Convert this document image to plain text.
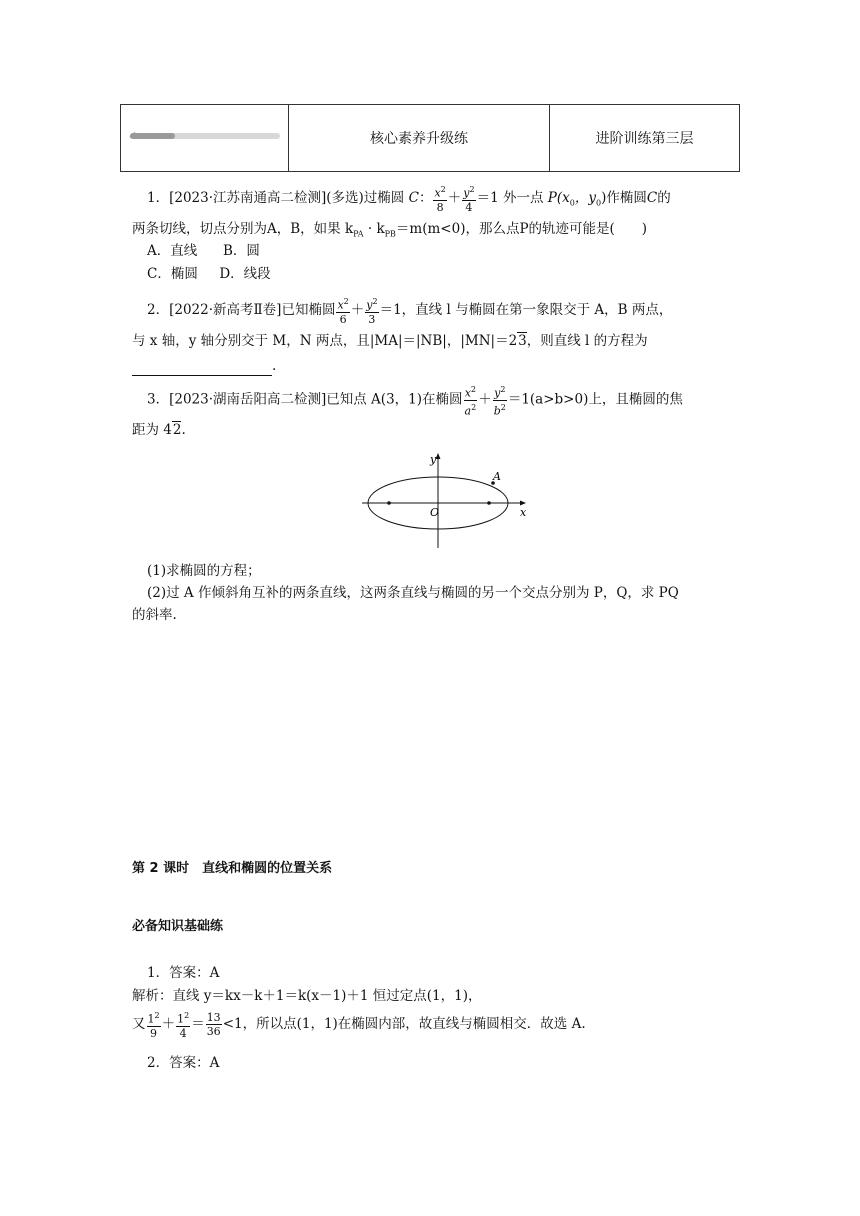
✓	核心素养升级练	进阶训练第三层
1．[2023·江苏南通高二检测](多选)过椭圆 C： $\frac{x^2}{8} + \frac{y^2}{4} =1$ 外一点 $P(x_0$，$y_0$)作椭圆C的
两条切线，切点分别为A，B，如果 $k_{PA} \cdot k_{PB}=m(m<0)$，那么点P的轨迹可能是(　　)
A．直线 B．圆
C．椭圆 D．线段
2．[2022·新高考Ⅱ卷]已知椭圆 $\frac{x^2}{6} + \frac{y^2}{3} =1$，直线 l 与椭圆在第一象限交于 A，B 两点，
与 x 轴，y 轴分别交于 M，N 两点，且|MA|＝|NB|，|MN|＝23，则直线 l 的方程为
.
3．[2023·湖南岳阳高二检测]已知点 A(3，1)在椭圆 $\frac{x^2}{a^2} + \frac{y^2}{b^2} =1(a>b>0)$上，且椭圆的焦
距为 42.
y
x
O
A
(1)求椭圆的方程；
(2)过 A 作倾斜角互补的两条直线，这两条直线与椭圆的另一个交点分别为 P，Q，求 PQ
的斜率.
第 2 课时　直线和椭圆的位置关系
必备知识基础练
1．答案：A
解析：直线 y＝kx－k＋1＝k(x－1)＋1 恒过定点(1，1)，
又 $\frac{1^2}{9} + \frac{1^2}{4} = \frac{13}{36} <1$，所以点(1，1)在椭圆内部，故直线与椭圆相交．故选 A.
2．答案：A
